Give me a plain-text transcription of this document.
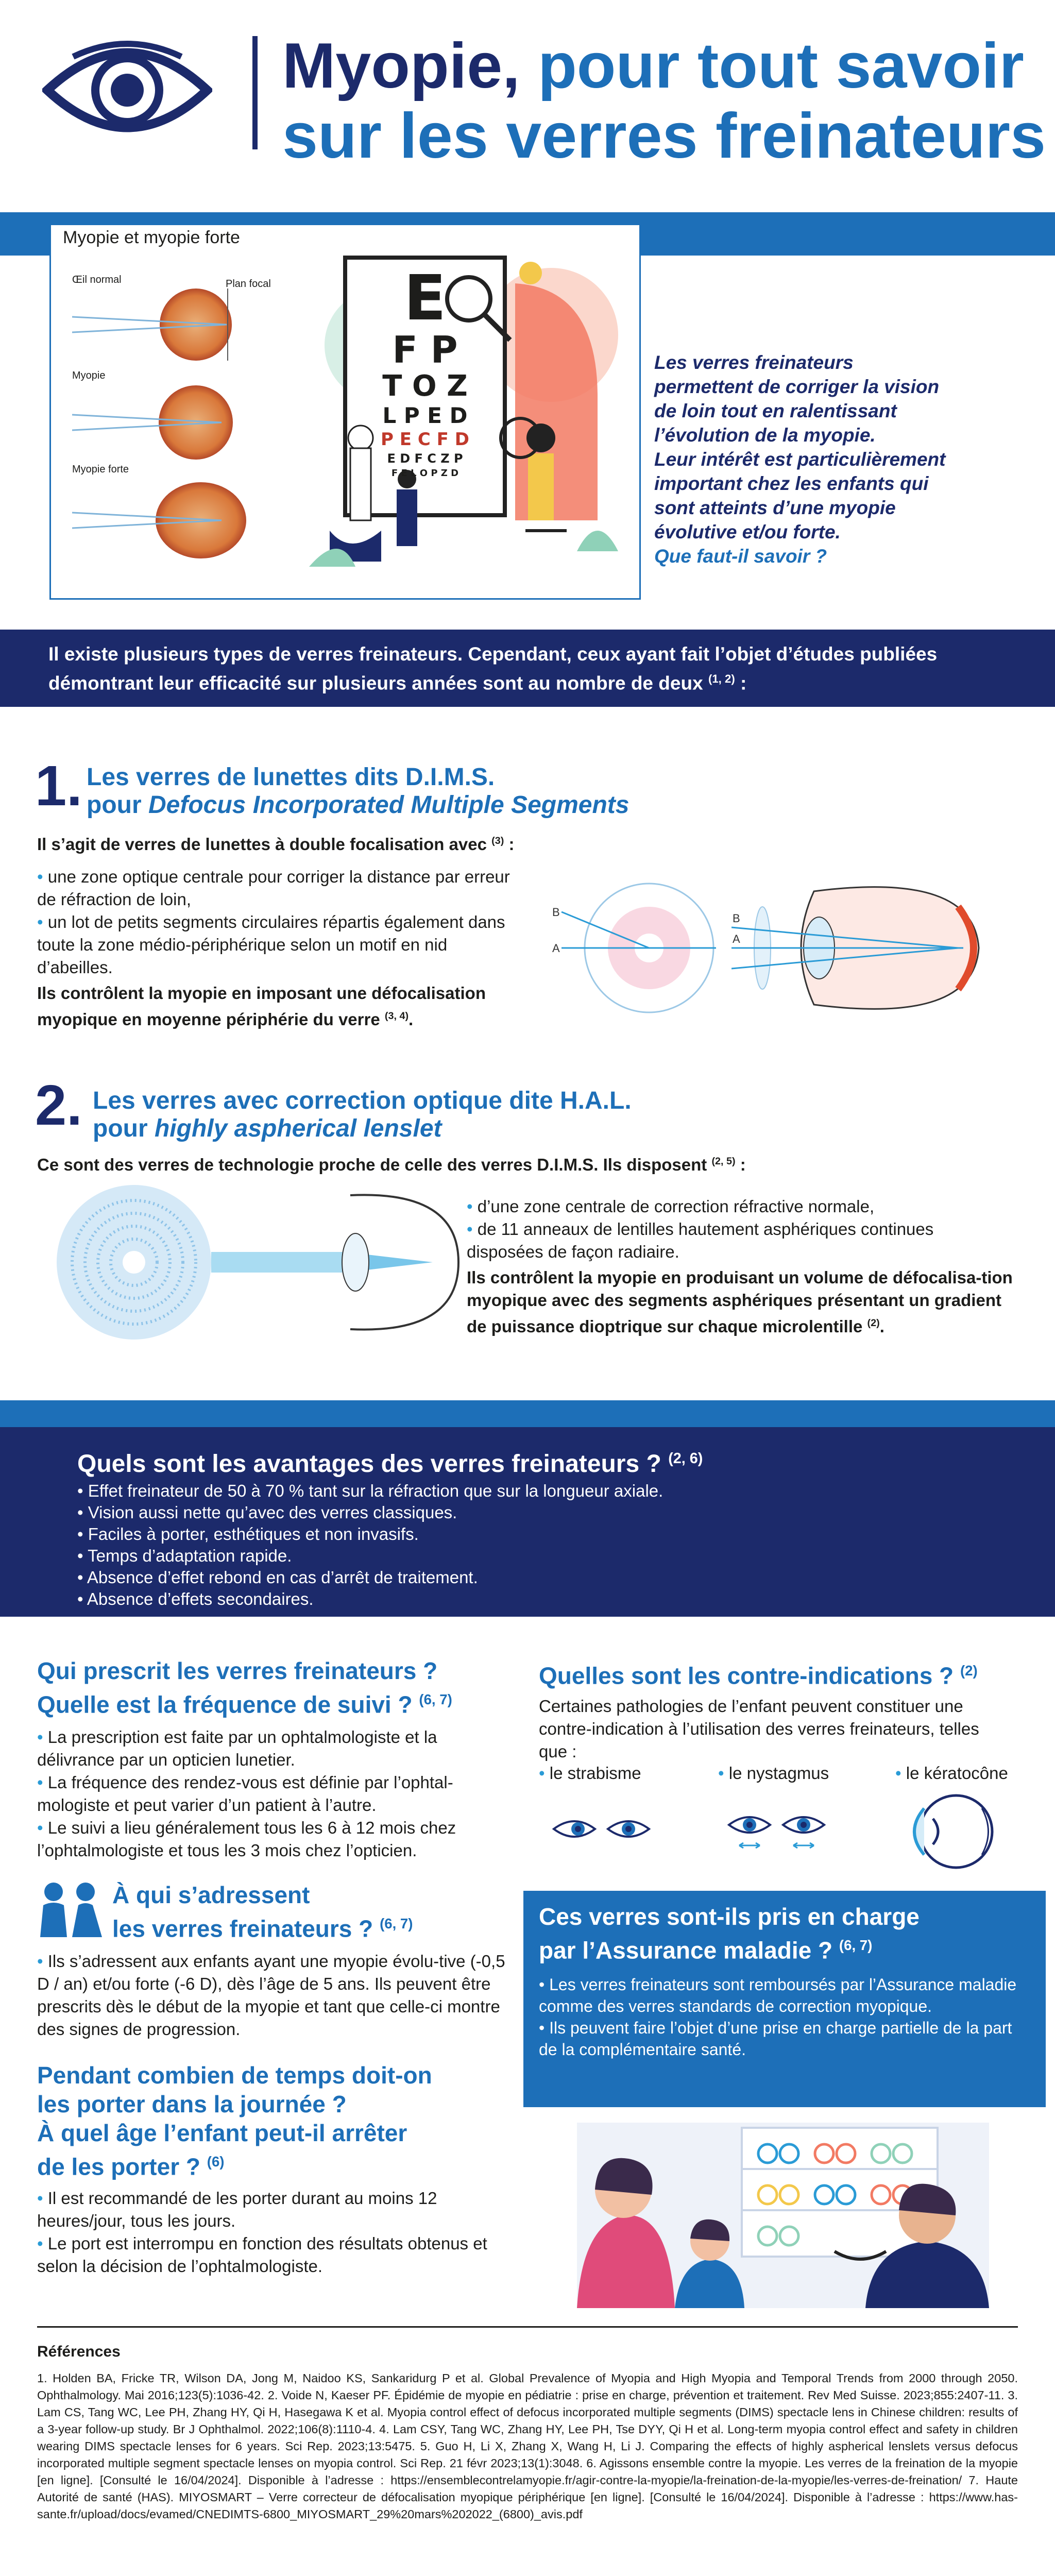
Myopie, pour tout savoir
sur les verres freinateurs
Myopie et myopie forte
Œil normal	Plan focal
Myopie
Myopie forte
E
F P
T O Z
L P E D
P E C F D
E D F C Z P
F E L O P Z D
Les verres freinateurs
permettent de corriger la vision
de loin tout en ralentissant
l’évolution de la myopie.
Leur intérêt est particulièrement
important chez les enfants qui
sont atteints d’une myopie
évolutive et/ou forte.
Que faut-il savoir ?
Il existe plusieurs types de verres freinateurs. Cependant, ceux ayant fait l’objet d’études publiées
démontrant leur efficacité sur plusieurs années sont au nombre de deux $^{(1, 2)}$ :
1. Les verres de lunettes dits D.I.M.S.
pour Defocus Incorporated Multiple Segments
Il s’agit de verres de lunettes à double focalisation avec $^{(3)}$ :
• une zone optique centrale pour corriger la distance par erreur de réfraction de loin,
• un lot de petits segments circulaires répartis également dans toute la zone médio-périphérique selon un motif en nid d’abeilles.
Ils contrôlent la myopie en imposant une défocalisation myopique en moyenne périphérie du verre $^{(3, 4)}$.
B
A
B
A
2. Les verres avec correction optique dite H.A.L.
pour highly aspherical lenslet
Ce sont des verres de technologie proche de celle des verres D.I.M.S. Ils disposent $^{(2, 5)}$ :
• d’une zone centrale de correction réfractive normale,
• de 11 anneaux de lentilles hautement asphériques continues disposées de façon radiaire.
Ils contrôlent la myopie en produisant un volume de défocalisa-tion myopique avec des segments asphériques présentant un gradient de puissance dioptrique sur chaque microlentille $^{(2)}$.
Quels sont les avantages des verres freinateurs ? $^{(2, 6)}$
• Effet freinateur de 50 à 70 % tant sur la réfraction que sur la longueur axiale.
• Vision aussi nette qu’avec des verres classiques.
• Faciles à porter, esthétiques et non invasifs.
• Temps d’adaptation rapide.
• Absence d’effet rebond en cas d’arrêt de traitement.
• Absence d’effets secondaires.
Qui prescrit les verres freinateurs ?
Quelle est la fréquence de suivi ? $^{(6, 7)}$
• La prescription est faite par un ophtalmologiste et la délivrance par un opticien lunetier.
• La fréquence des rendez-vous est définie par l’ophtal-mologiste et peut varier d’un patient à l’autre.
• Le suivi a lieu généralement tous les 6 à 12 mois chez l’ophtalmologiste et tous les 3 mois chez l’opticien.
À qui s’adressent
les verres freinateurs ? $^{(6, 7)}$
• Ils s’adressent aux enfants ayant une myopie évolu-tive (-0,5 D / an) et/ou forte (-6 D), dès l’âge de 5 ans. Ils peuvent être prescrits dès le début de la myopie et tant que celle-ci montre des signes de progression.
Pendant combien de temps doit-on
les porter dans la journée ?
À quel âge l’enfant peut-il arrêter
de les porter ? $^{(6)}$
• Il est recommandé de les porter durant au moins 12 heures/jour, tous les jours.
• Le port est interrompu en fonction des résultats obtenus et selon la décision de l’ophtalmologiste.
Quelles sont les contre-indications ? $^{(2)}$
Certaines pathologies de l’enfant peuvent constituer une contre-indication à l’utilisation des verres freinateurs, telles que :
• le strabisme	• le nystagmus	• le kératocône
Ces verres sont-ils pris en charge
par l’Assurance maladie ? $^{(6, 7)}$
• Les verres freinateurs sont remboursés par l’Assurance maladie comme des verres standards de correction myopique.
• Ils peuvent faire l’objet d’une prise en charge partielle de la part de la complémentaire santé.
Références
1. Holden BA, Fricke TR, Wilson DA, Jong M, Naidoo KS, Sankaridurg P et al. Global Prevalence of Myopia and High Myopia and Temporal Trends from 2000 through 2050. Ophthalmology. Mai 2016;123(5):1036-42. 2. Voide N, Kaeser PF. Épidémie de myopie en pédiatrie : prise en charge, prévention et traitement. Rev Med Suisse. 2023;855:2407-11. 3. Lam CS, Tang WC, Lee PH, Zhang HY, Qi H, Hasegawa K et al. Myopia control effect of defocus incorporated multiple segments (DIMS) spectacle lens in Chinese children: results of a 3-year follow-up study. Br J Ophthalmol. 2022;106(8):1110-4. 4. Lam CSY, Tang WC, Zhang HY, Lee PH, Tse DYY, Qi H et al. Long-term myopia control effect and safety in children wearing DIMS spectacle lenses for 6 years. Sci Rep. 2023;13:5475. 5. Guo H, Li X, Zhang X, Wang H, Li J. Comparing the effects of highly aspherical lenslets versus defocus incorporated multiple segment spectacle lenses on myopia control. Sci Rep. 21 févr 2023;13(1):3048. 6. Agissons ensemble contre la myopie. Les verres de la freination de la myopie [en ligne]. [Consulté le 16/04/2024]. Disponible à l’adresse : https://ensemblecontrelamyopie.fr/agir-contre-la-myopie/la-freination-de-la-myopie/les-verres-de-freination/ 7. Haute Autorité de santé (HAS). MIYOSMART – Verre correcteur de défocalisation myopique périphérique [en ligne]. [Consulté le 16/04/2024]. Disponible à l’adresse : https://www.has-sante.fr/upload/docs/evamed/CNEDIMTS-6800_MIYOSMART_29%20mars%202022_(6800)_avis.pdf
